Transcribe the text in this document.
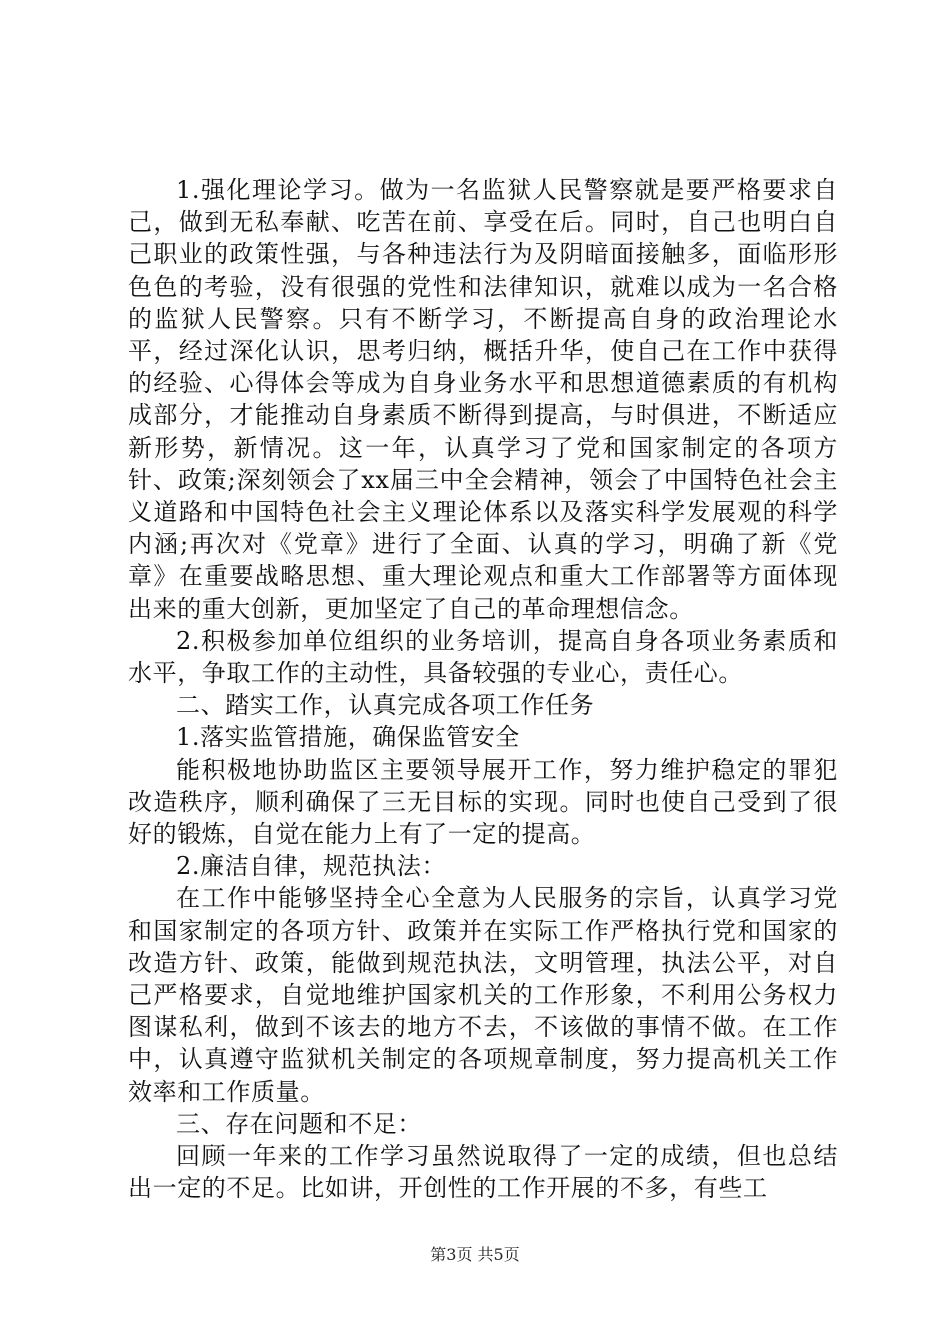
1.强化理论学习。做为一名监狱人民警察就是要严格要求自己，做到无私奉献、吃苦在前、享受在后。同时，自己也明白自己职业的政策性强，与各种违法行为及阴暗面接触多，面临形形色色的考验，没有很强的党性和法律知识，就难以成为一名合格的监狱人民警察。只有不断学习，不断提高自身的政治理论水平，经过深化认识，思考归纳，概括升华，使自己在工作中获得的经验、心得体会等成为自身业务水平和思想道德素质的有机构成部分，才能推动自身素质不断得到提高，与时俱进，不断适应新形势，新情况。这一年，认真学习了党和国家制定的各项方针、政策;深刻领会了xx届三中全会精神，领会了中国特色社会主义道路和中国特色社会主义理论体系以及落实科学发展观的科学内涵;再次对《党章》进行了全面、认真的学习，明确了新《党章》在重要战略思想、重大理论观点和重大工作部署等方面体现出来的重大创新，更加坚定了自己的革命理想信念。

2.积极参加单位组织的业务培训，提高自身各项业务素质和水平，争取工作的主动性，具备较强的专业心，责任心。

二、踏实工作，认真完成各项工作任务

1.落实监管措施，确保监管安全

能积极地协助监区主要领导展开工作，努力维护稳定的罪犯改造秩序，顺利确保了三无目标的实现。同时也使自己受到了很好的锻炼，自觉在能力上有了一定的提高。

2.廉洁自律，规范执法：

在工作中能够坚持全心全意为人民服务的宗旨，认真学习党和国家制定的各项方针、政策并在实际工作严格执行党和国家的改造方针、政策，能做到规范执法，文明管理，执法公平，对自己严格要求，自觉地维护国家机关的工作形象，不利用公务权力图谋私利，做到不该去的地方不去，不该做的事情不做。在工作中，认真遵守监狱机关制定的各项规章制度，努力提高机关工作效率和工作质量。

三、存在问题和不足：

回顾一年来的工作学习虽然说取得了一定的成绩，但也总结出一定的不足。比如讲，开创性的工作开展的不多，有些工

第3页 共5页
